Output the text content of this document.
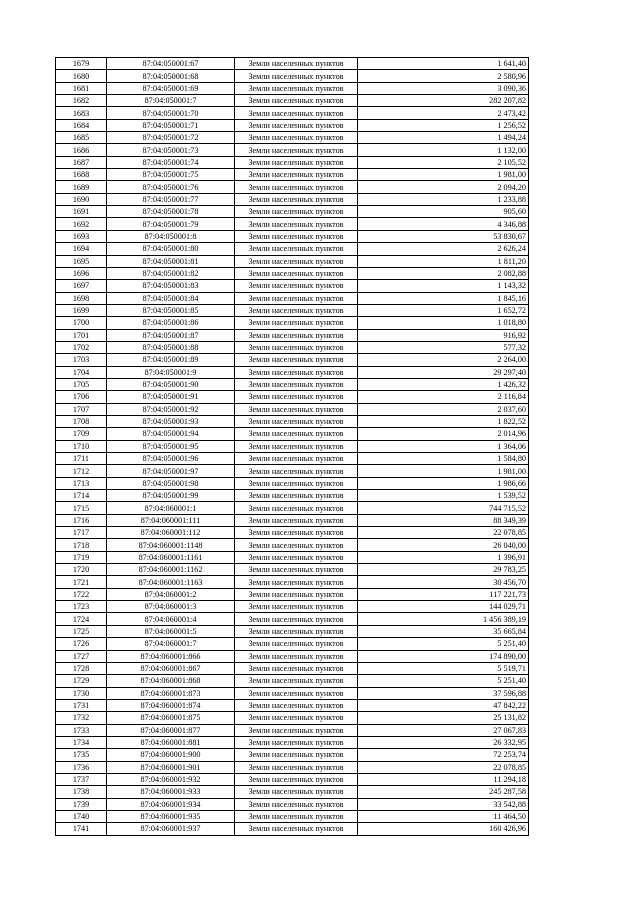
1679	87:04:050001:67	Земли населенных пунктов	1 641,40
1680	87:04:050001:68	Земли населенных пунктов	2 580,96
1681	87:04:050001:69	Земли населенных пунктов	3 090,36
1682	87:04:050001:7	Земли населенных пунктов	282 207,82
1683	87:04:050001:70	Земли населенных пунктов	2 473,42
1684	87:04:050001:71	Земли населенных пунктов	1 256,52
1685	87:04:050001:72	Земли населенных пунктов	1 494,24
1686	87:04:050001:73	Земли населенных пунктов	1 132,00
1687	87:04:050001:74	Земли населенных пунктов	2 105,52
1688	87:04:050001:75	Земли населенных пунктов	1 981,00
1689	87:04:050001:76	Земли населенных пунктов	2 094,20
1690	87:04:050001:77	Земли населенных пунктов	1 233,88
1691	87:04:050001:78	Земли населенных пунктов	905,60
1692	87:04:050001:79	Земли населенных пунктов	4 346,88
1693	87:04:050001:8	Земли населенных пунктов	53 830,67
1694	87:04:050001:80	Земли населенных пунктов	2 626,24
1695	87:04:050001:81	Земли населенных пунктов	1 811,20
1696	87:04:050001:82	Земли населенных пунктов	2 082,88
1697	87:04:050001:83	Земли населенных пунктов	1 143,32
1698	87:04:050001:84	Земли населенных пунктов	1 845,16
1699	87:04:050001:85	Земли населенных пунктов	1 652,72
1700	87:04:050001:86	Земли населенных пунктов	1 018,80
1701	87:04:050001:87	Земли населенных пунктов	916,92
1702	87:04:050001:88	Земли населенных пунктов	577,32
1703	87:04:050001:89	Земли населенных пунктов	2 264,00
1704	87:04:050001:9	Земли населенных пунктов	29 297,40
1705	87:04:050001:90	Земли населенных пунктов	1 426,32
1706	87:04:050001:91	Земли населенных пунктов	2 116,84
1707	87:04:050001:92	Земли населенных пунктов	2 037,60
1708	87:04:050001:93	Земли населенных пунктов	1 822,52
1709	87:04:050001:94	Земли населенных пунктов	2 014,96
1710	87:04:050001:95	Земли населенных пунктов	1 364,06
1711	87:04:050001:96	Земли населенных пунктов	1 584,80
1712	87:04:050001:97	Земли населенных пунктов	1 981,00
1713	87:04:050001:98	Земли населенных пунктов	1 986,66
1714	87:04:050001:99	Земли населенных пунктов	1 539,52
1715	87:04:060001:1	Земли населенных пунктов	744 715,52
1716	87:04:060001:111	Земли населенных пунктов	88 349,39
1717	87:04:060001:112	Земли населенных пунктов	22 078,85
1718	87:04:060001:1148	Земли населенных пунктов	26 040,00
1719	87:04:060001:1161	Земли населенных пунктов	1 396,91
1720	87:04:060001:1162	Земли населенных пунктов	29 783,25
1721	87:04:060001:1163	Земли населенных пунктов	30 456,70
1722	87:04:060001:2	Земли населенных пунктов	117 221,73
1723	87:04:060001:3	Земли населенных пунктов	144 029,71
1724	87:04:060001:4	Земли населенных пунктов	1 456 389,19
1725	87:04:060001:5	Земли населенных пунктов	35 665,84
1726	87:04:060001:7	Земли населенных пунктов	5 251,40
1727	87:04:060001:866	Земли населенных пунктов	174 890,00
1728	87:04:060001:867	Земли населенных пунктов	5 519,71
1729	87:04:060001:868	Земли населенных пунктов	5 251,40
1730	87:04:060001:873	Земли населенных пунктов	37 596,88
1731	87:04:060001:874	Земли населенных пунктов	47 842,22
1732	87:04:060001:875	Земли населенных пунктов	25 131,82
1733	87:04:060001:877	Земли населенных пунктов	27 067,83
1734	87:04:060001:881	Земли населенных пунктов	26 332,95
1735	87:04:060001:900	Земли населенных пунктов	72 253,74
1736	87:04:060001:901	Земли населенных пунктов	22 078,85
1737	87:04:060001:932	Земли населенных пунктов	11 294,18
1738	87:04:060001:933	Земли населенных пунктов	245 287,58
1739	87:04:060001:934	Земли населенных пунктов	33 542,88
1740	87:04:060001:935	Земли населенных пунктов	11 464,50
1741	87:04:060001:937	Земли населенных пунктов	160 426,96
